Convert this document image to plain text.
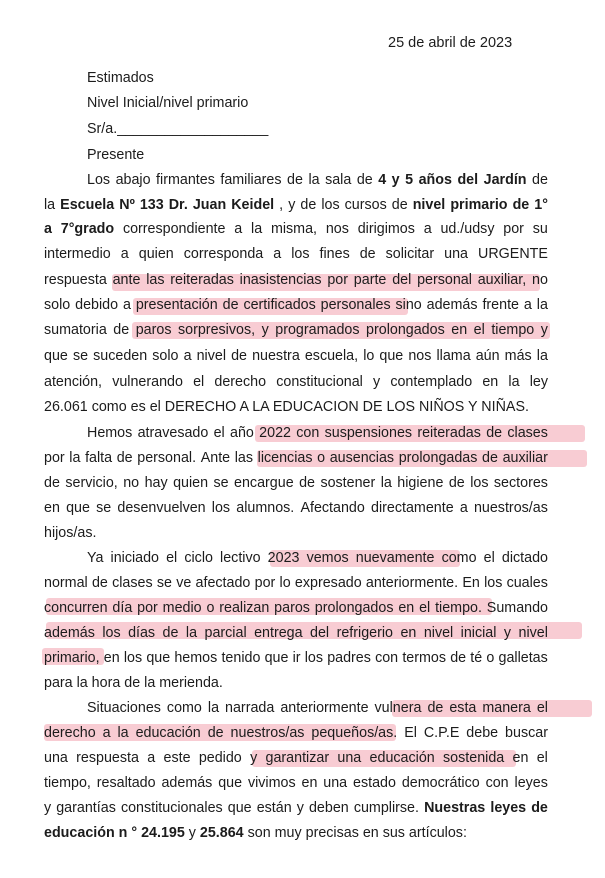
25 de abril de 2023
Estimados
Nivel Inicial/nivel primario
Sr/a.___________________
Presente
Los abajo firmantes familiares de la sala de 4 y 5 años del Jardín de
la Escuela Nº 133 Dr. Juan Keidel , y de los cursos de nivel primario de 1°
a 7°grado correspondiente a la misma, nos dirigimos a ud./udsy por su
intermedio a quien corresponda a los fines de solicitar una URGENTE
respuesta ante las reiteradas inasistencias por parte del personal auxiliar, no
solo debido a presentación de certificados personales sino además frente a la
sumatoria de paros sorpresivos, y programados prolongados en el tiempo y
que se suceden solo a nivel de nuestra escuela, lo que nos llama aún más la
atención, vulnerando el derecho constitucional y contemplado en la ley
26.061 como es el DERECHO A LA EDUCACION DE LOS NIÑOS Y NIÑAS.
Hemos atravesado el año 2022 con suspensiones reiteradas de clases
por la falta de personal. Ante las licencias o ausencias prolongadas de auxiliar
de servicio, no hay quien se encargue de sostener la higiene de los sectores
en que se desenvuelven los alumnos. Afectando directamente a nuestros/as
hijos/as.
Ya iniciado el ciclo lectivo 2023 vemos nuevamente como el dictado
normal de clases se ve afectado por lo expresado anteriormente. En los cuales
concurren día por medio o realizan paros prolongados en el tiempo. Sumando
además los días de la parcial entrega del refrigerio en nivel inicial y nivel
primario, en los que hemos tenido que ir los padres con termos de té o galletas
para la hora de la merienda.
Situaciones como la narrada anteriormente vulnera de esta manera el
derecho a la educación de nuestros/as pequeños/as. El C.P.E debe buscar
una respuesta a este pedido y garantizar una educación sostenida en el
tiempo, resaltado además que vivimos en una estado democrático con leyes
y garantías constitucionales que están y deben cumplirse. Nuestras leyes de
educación n ° 24.195 y 25.864 son muy precisas en sus artículos:
